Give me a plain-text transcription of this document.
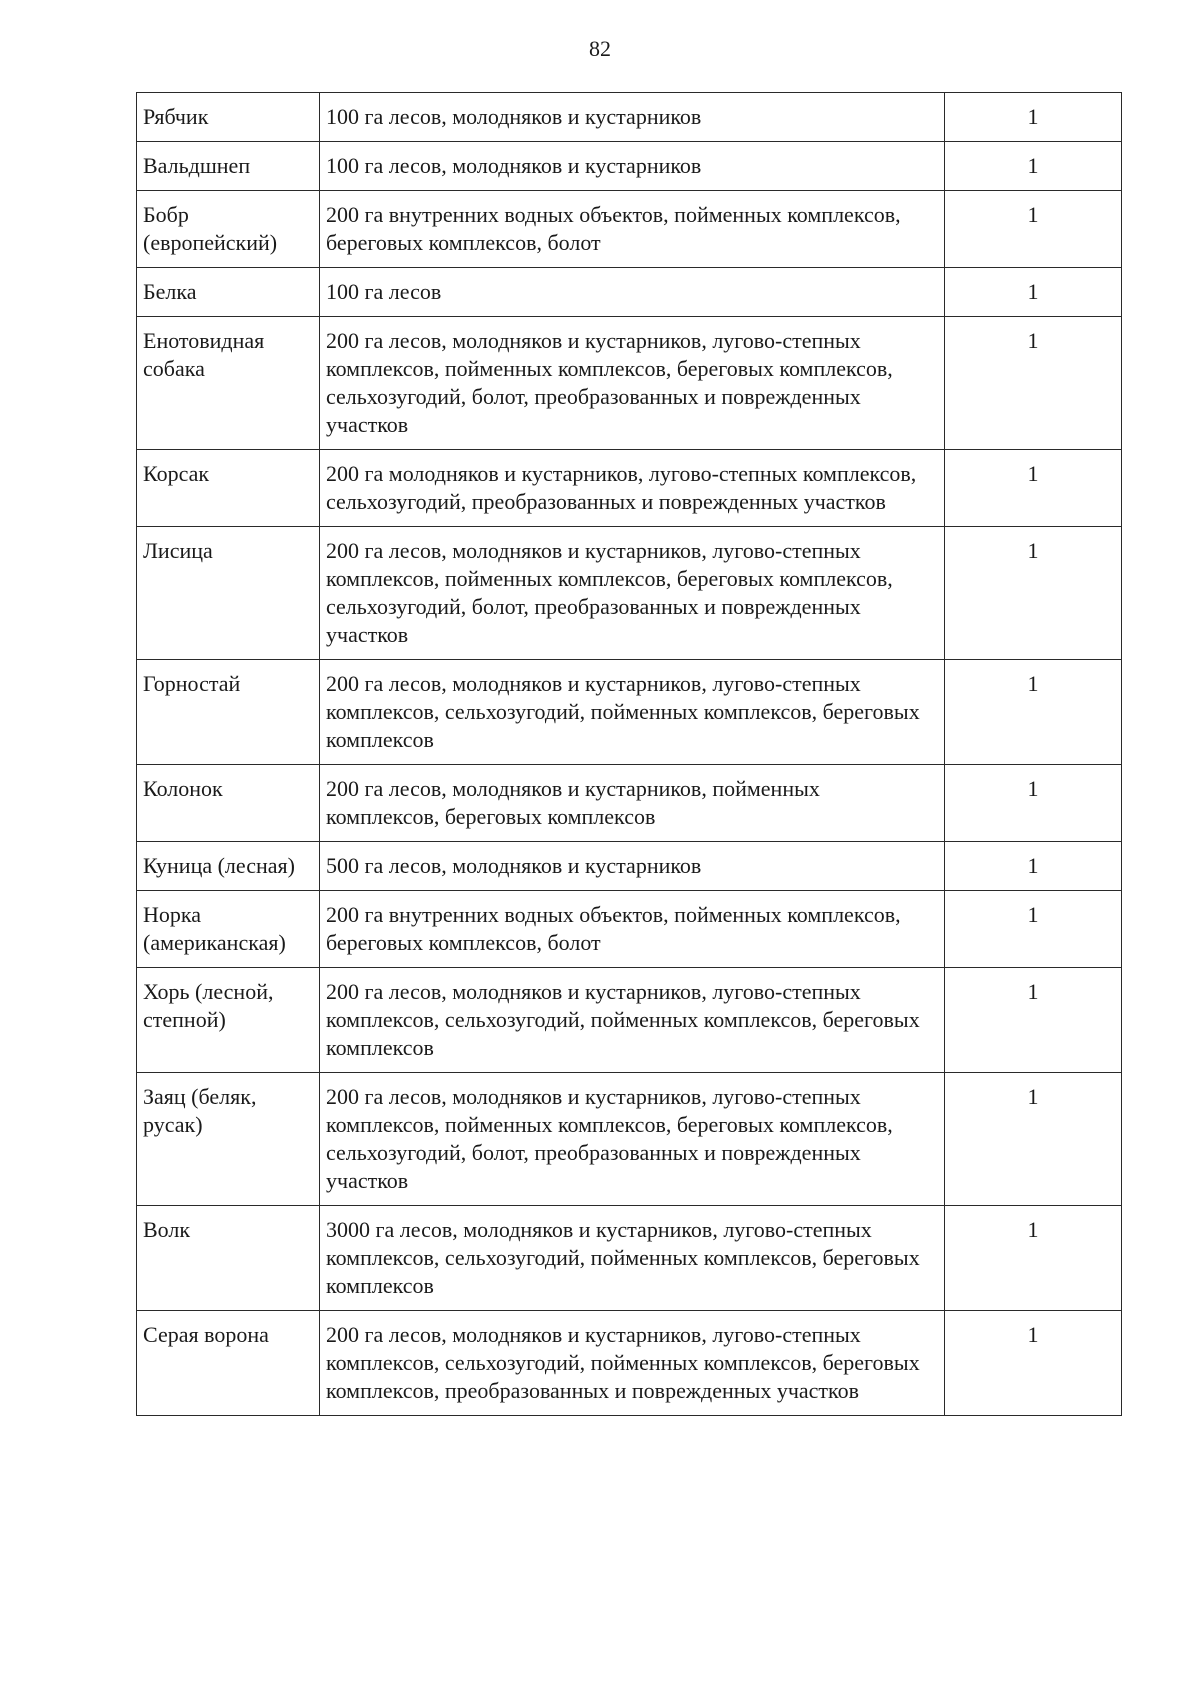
82
Рябчик	100 га лесов, молодняков и кустарников	1
Вальдшнеп	100 га лесов, молодняков и кустарников	1
Бобр (европейский)	200 га внутренних водных объектов, пойменных комплексов, береговых комплексов, болот	1
Белка	100 га лесов	1
Енотовидная собака	200 га лесов, молодняков и кустарников, лугово-степных комплексов, пойменных комплексов, береговых комплексов, сельхозугодий, болот, преобразованных и поврежденных участков	1
Корсак	200 га молодняков и кустарников, лугово-степных комплексов, сельхозугодий, преобразованных и поврежденных участков	1
Лисица	200 га лесов, молодняков и кустарников, лугово-степных комплексов, пойменных комплексов, береговых комплексов, сельхозугодий, болот, преобразованных и поврежденных участков	1
Горностай	200 га лесов, молодняков и кустарников, лугово-степных комплексов, сельхозугодий, пойменных комплексов, береговых комплексов	1
Колонок	200 га лесов, молодняков и кустарников, пойменных комплексов, береговых комплексов	1
Куница (лесная)	500 га лесов, молодняков и кустарников	1
Норка (американская)	200 га внутренних водных объектов, пойменных комплексов, береговых комплексов, болот	1
Хорь (лесной, степной)	200 га лесов, молодняков и кустарников, лугово-степных комплексов, сельхозугодий, пойменных комплексов, береговых комплексов	1
Заяц (беляк, русак)	200 га лесов, молодняков и кустарников, лугово-степных комплексов, пойменных комплексов, береговых комплексов, сельхозугодий, болот, преобразованных и поврежденных участков	1
Волк	3000 га лесов, молодняков и кустарников, лугово-степных комплексов, сельхозугодий, пойменных комплексов, береговых комплексов	1
Серая ворона	200 га лесов, молодняков и кустарников, лугово-степных комплексов, сельхозугодий, пойменных комплексов, береговых комплексов, преобразованных и поврежденных участков	1
